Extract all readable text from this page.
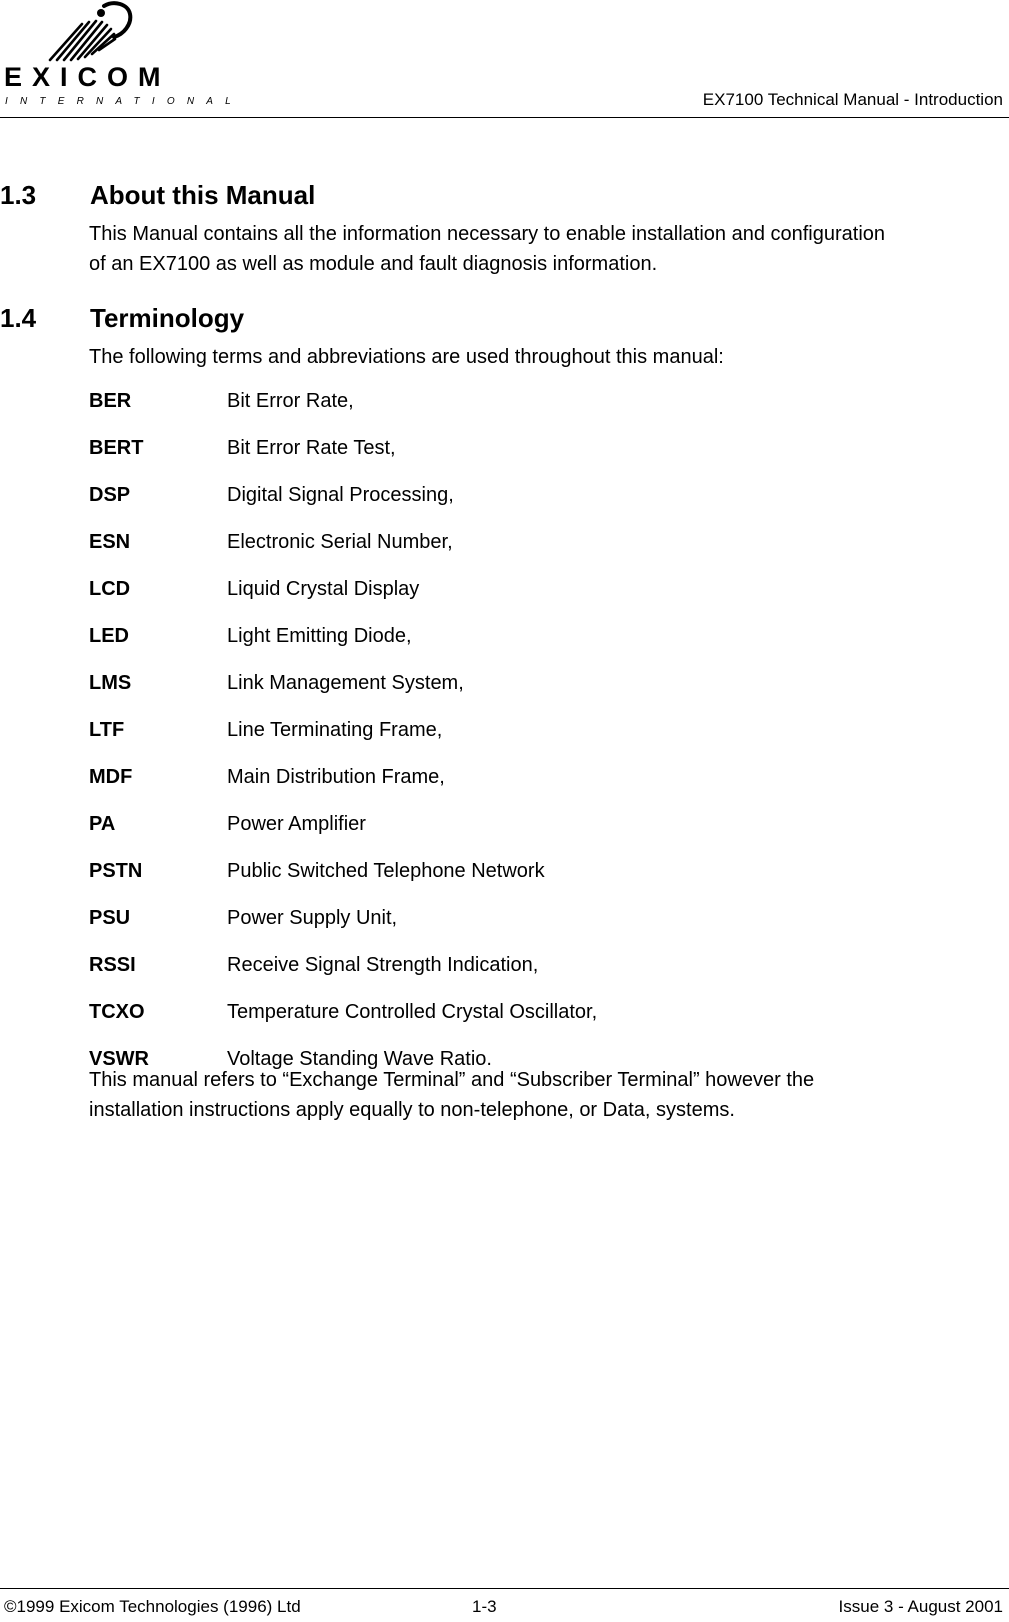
EXICOM
INTERNATIONAL	EX7100 Technical Manual - Introduction
1.3 About this Manual
This Manual contains all the information necessary to enable installation and configuration
of an EX7100 as well as module and fault diagnosis information.
1.4 Terminology
The following terms and abbreviations are used throughout this manual:
BER	Bit Error Rate,
BERT	Bit Error Rate Test,
DSP	Digital Signal Processing,
ESN	Electronic Serial Number,
LCD	Liquid Crystal Display
LED	Light Emitting Diode,
LMS	Link Management System,
LTF	Line Terminating Frame,
MDF	Main Distribution Frame,
PA	Power Amplifier
PSTN	Public Switched Telephone Network
PSU	Power Supply Unit,
RSSI	Receive Signal Strength Indication,
TCXO	Temperature Controlled Crystal Oscillator,
VSWR	Voltage Standing Wave Ratio.
This manual refers to “Exchange Terminal” and “Subscriber Terminal” however the
installation instructions apply equally to non-telephone, or Data, systems.
©1999 Exicom Technologies (1996) Ltd	1-3	Issue 3 - August 2001
